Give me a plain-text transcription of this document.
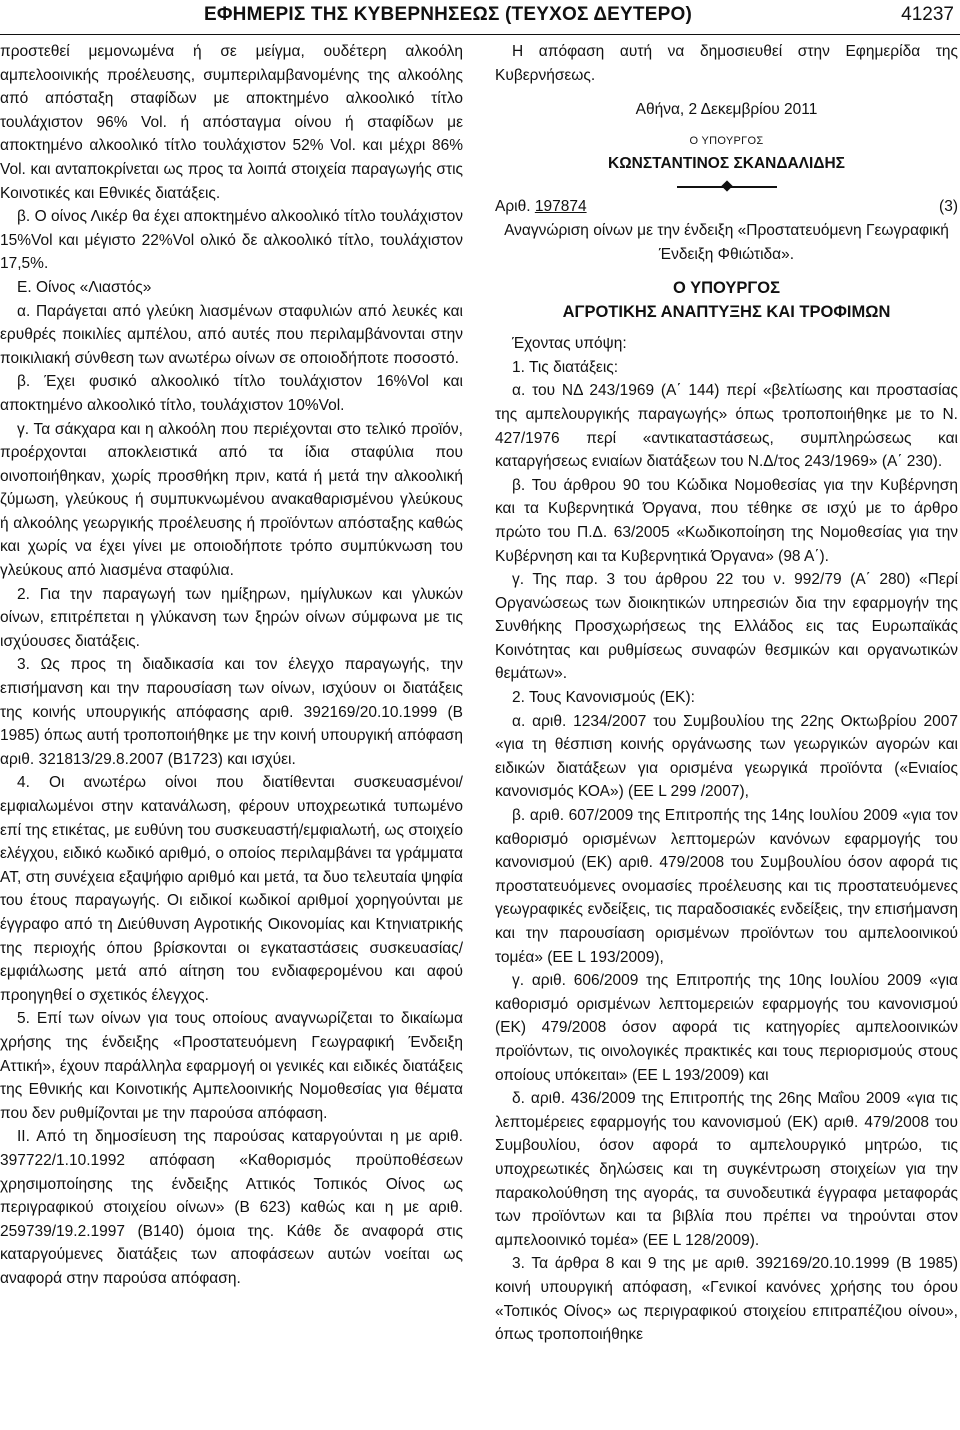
ΕΦΗΜΕΡΙΣ ΤΗΣ ΚΥΒΕΡΝΗΣΕΩΣ (ΤΕΥΧΟΣ ΔΕΥΤΕΡΟ)	41237

προστεθεί μεμονωμένα ή σε μείγμα, ουδέτερη αλκοόλη αμπελοοινικής προέλευσης, συμπεριλαμβανομένης της αλκοόλης από απόσταξη σταφίδων με αποκτημένο αλκοολικό τίτλο τουλάχιστον 96% Vol. ή απόσταγμα οίνου ή σταφίδων με αποκτημένο αλκοολικό τίτλο τουλάχιστον 52% Vol. και μέχρι 86% Vol. και ανταποκρίνεται ως προς τα λοιπά στοιχεία παραγωγής στις Κοινοτικές και Εθνικές διατάξεις.

β. Ο οίνος Λικέρ θα έχει αποκτημένο αλκοολικό τίτλο τουλάχιστον 15%Vol και μέγιστο 22%Vol ολικό δε αλκοολικό τίτλο, τουλάχιστον 17,5%.

Ε. Οίνος «Λιαστός»

α. Παράγεται από γλεύκη λιασμένων σταφυλιών από λευκές και ερυθρές ποικιλίες αμπέλου, από αυτές που περιλαμβάνονται στην ποικιλιακή σύνθεση των ανωτέρω οίνων σε οποιοδήποτε ποσοστό.

β. Έχει φυσικό αλκοολικό τίτλο τουλάχιστον 16%Vol και αποκτημένο αλκοολικό τίτλο, τουλάχιστον 10%Vol.

γ. Τα σάκχαρα και η αλκοόλη που περιέχονται στο τελικό προϊόν, προέρχονται αποκλειστικά από τα ίδια σταφύλια που οινοποιήθηκαν, χωρίς προσθήκη πριν, κατά ή μετά την αλκοολική ζύμωση, γλεύκους ή συμπυκνωμένου ανακαθαρισμένου γλεύκους ή αλκοόλης γεωργικής προέλευσης ή προϊόντων απόσταξης καθώς και χωρίς να έχει γίνει με οποιοδήποτε τρόπο συμπύκνωση του γλεύκους από λιασμένα σταφύλια.

2. Για την παραγωγή των ημίξηρων, ημίγλυκων και γλυκών οίνων, επιτρέπεται η γλύκανση των ξηρών οίνων σύμφωνα με τις ισχύουσες διατάξεις.

3. Ως προς τη διαδικασία και τον έλεγχο παραγωγής, την επισήμανση και την παρουσίαση των οίνων, ισχύουν οι διατάξεις της κοινής υπουργικής απόφασης αριθ. 392169/20.10.1999 (Β 1985) όπως αυτή τροποποιήθηκε με την κοινή υπουργική απόφαση αριθ. 321813/29.8.2007 (Β1723) και ισχύει.

4. Οι ανωτέρω οίνοι που διατίθενται συσκευασμένοι/ εμφιαλωμένοι στην κατανάλωση, φέρουν υποχρεωτικά τυπωμένο επί της ετικέτας, με ευθύνη του συσκευαστή/εμφιαλωτή, ως στοιχείο ελέγχου, ειδικό κωδικό αριθμό, ο οποίος περιλαμβάνει τα γράμματα ΑΤ, στη συνέχεια εξαψήφιο αριθμό και μετά, τα δυο τελευταία ψηφία του έτους παραγωγής. Οι ειδικοί κωδικοί αριθμοί χορηγούνται με έγγραφο από τη Διεύθυνση Αγροτικής Οικονομίας και Κτηνιατρικής της περιοχής όπου βρίσκονται οι εγκαταστάσεις συσκευασίας/εμφιάλωσης μετά από αίτηση του ενδιαφερομένου και αφού προηγηθεί ο σχετικός έλεγχος.

5. Επί των οίνων για τους οποίους αναγνωρίζεται το δικαίωμα χρήσης της ένδειξης «Προστατευόμενη Γεωγραφική Ένδειξη Αττική», έχουν παράλληλα εφαρμογή οι γενικές και ειδικές διατάξεις της Εθνικής και Κοινοτικής Αμπελοοινικής Νομοθεσίας για θέματα που δεν ρυθμίζονται με την παρούσα απόφαση.

ΙΙ. Από τη δημοσίευση της παρούσας καταργούνται η με αριθ. 397722/1.10.1992 απόφαση «Καθορισμός προϋποθέσεων χρησιμοποίησης της ένδειξης Αττικός Τοπικός Οίνος ως περιγραφικού στοιχείου οίνων» (Β 623) καθώς και η με αριθ. 259739/19.2.1997 (Β140) όμοια της. Κάθε δε αναφορά στις καταργούμενες διατάξεις των αποφάσεων αυτών νοείται ως αναφορά στην παρούσα απόφαση.

Η απόφαση αυτή να δημοσιευθεί στην Εφημερίδα της Κυβερνήσεως.

Αθήνα, 2 Δεκεμβρίου 2011

Ο ΥΠΟΥΡΓΟΣ

ΚΩΝΣΤΑΝΤΙΝΟΣ ΣΚΑΝΔΑΛΙΔΗΣ

Αριθ. 197874	(3)

Αναγνώριση οίνων με την ένδειξη «Προστατευόμενη Γεωγραφική Ένδειξη Φθιώτιδα».

Ο ΥΠΟΥΡΓΟΣ
ΑΓΡΟΤΙΚΗΣ ΑΝΑΠΤΥΞΗΣ ΚΑΙ ΤΡΟΦΙΜΩΝ

Έχοντας υπόψη:

1. Τις διατάξεις:

α. του ΝΔ 243/1969 (Α΄ 144) περί «βελτίωσης και προστασίας της αμπελουργικής παραγωγής» όπως τροποποιήθηκε με το Ν. 427/1976 περί «αντικαταστάσεως, συμπληρώσεως και καταργήσεως ενιαίων διατάξεων του Ν.Δ/τος 243/1969» (Α΄ 230).

β. Του άρθρου 90 του Κώδικα Νομοθεσίας για την Κυβέρνηση και τα Κυβερνητικά Όργανα, που τέθηκε σε ισχύ με το άρθρο πρώτο του Π.Δ. 63/2005 «Κωδικοποίηση της Νομοθεσίας για την Κυβέρνηση και τα Κυβερνητικά Όργανα» (98 Α΄).

γ. Της παρ. 3 του άρθρου 22 του ν. 992/79 (Α΄ 280) «Περί Οργανώσεως των διοικητικών υπηρεσιών δια την εφαρμογήν της Συνθήκης Προσχωρήσεως της Ελλάδος εις τας Ευρωπαϊκάς Κοινότητας και ρυθμίσεως συναφών θεσμικών και οργανωτικών θεμάτων».

2. Τους Κανονισμούς (ΕΚ):

α. αριθ. 1234/2007 του Συμβουλίου της 22ης Οκτωβρίου 2007 «για τη θέσπιση κοινής οργάνωσης των γεωργικών αγορών και ειδικών διατάξεων για ορισμένα γεωργικά προϊόντα («Ενιαίος κανονισμός ΚΟΑ») (ΕΕ L 299 /2007),

β. αριθ. 607/2009 της Επιτροπής της 14ης Ιουλίου 2009 «για τον καθορισμό ορισμένων λεπτομερών κανόνων εφαρμογής του κανονισμού (ΕΚ) αριθ. 479/2008 του Συμβουλίου όσον αφορά τις προστατευόμενες ονομασίες προέλευσης και τις προστατευόμενες γεωγραφικές ενδείξεις, τις παραδοσιακές ενδείξεις, την επισήμανση και την παρουσίαση ορισμένων προϊόντων του αμπελοοινικού τομέα» (ΕΕ L 193/2009),

γ. αριθ. 606/2009 της Επιτροπής της 10ης Ιουλίου 2009 «για καθορισμό ορισμένων λεπτομερειών εφαρμογής του κανονισμού (ΕΚ) 479/2008 όσον αφορά τις κατηγορίες αμπελοοινικών προϊόντων, τις οινολογικές πρακτικές και τους περιορισμούς στους οποίους υπόκειται» (ΕΕ L 193/2009) και

δ. αριθ. 436/2009 της Επιτροπής της 26ης Μαΐου 2009 «για τις λεπτομέρειες εφαρμογής του κανονισμού (ΕΚ) αριθ. 479/2008 του Συμβουλίου, όσον αφορά το αμπελουργικό μητρώο, τις υποχρεωτικές δηλώσεις και τη συγκέντρωση στοιχείων για την παρακολούθηση της αγοράς, τα συνοδευτικά έγγραφα μεταφοράς των προϊόντων και τα βιβλία που πρέπει να τηρούνται στον αμπελοοινικό τομέα» (ΕΕ L 128/2009).

3. Τα άρθρα 8 και 9 της με αριθ. 392169/20.10.1999 (Β 1985) κοινή υπουργική απόφαση, «Γενικοί κανόνες χρήσης του όρου «Τοπικός Οίνος» ως περιγραφικού στοιχείου επιτραπέζιου οίνου», όπως τροποποιήθηκε
